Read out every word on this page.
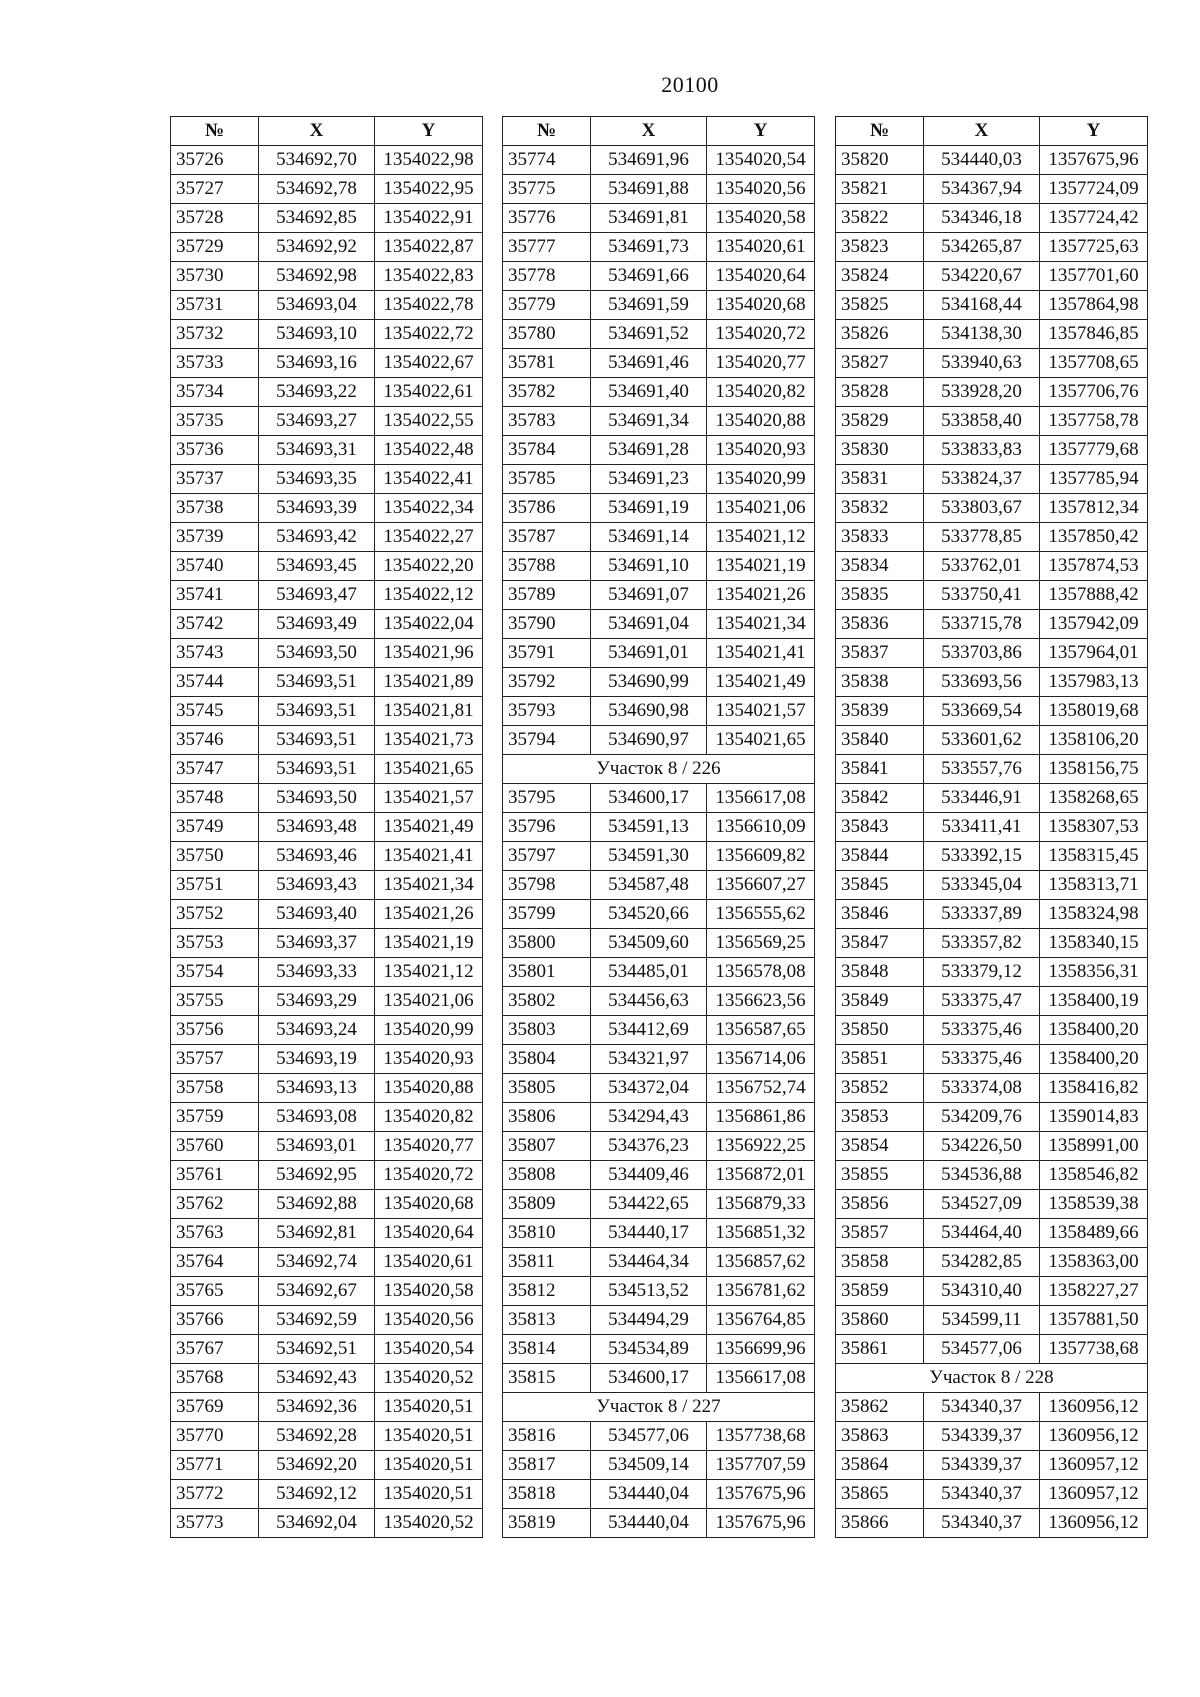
20100
№	X	Y
35726	534692,70	1354022,98
35727	534692,78	1354022,95
35728	534692,85	1354022,91
35729	534692,92	1354022,87
35730	534692,98	1354022,83
35731	534693,04	1354022,78
35732	534693,10	1354022,72
35733	534693,16	1354022,67
35734	534693,22	1354022,61
35735	534693,27	1354022,55
35736	534693,31	1354022,48
35737	534693,35	1354022,41
35738	534693,39	1354022,34
35739	534693,42	1354022,27
35740	534693,45	1354022,20
35741	534693,47	1354022,12
35742	534693,49	1354022,04
35743	534693,50	1354021,96
35744	534693,51	1354021,89
35745	534693,51	1354021,81
35746	534693,51	1354021,73
35747	534693,51	1354021,65
35748	534693,50	1354021,57
35749	534693,48	1354021,49
35750	534693,46	1354021,41
35751	534693,43	1354021,34
35752	534693,40	1354021,26
35753	534693,37	1354021,19
35754	534693,33	1354021,12
35755	534693,29	1354021,06
35756	534693,24	1354020,99
35757	534693,19	1354020,93
35758	534693,13	1354020,88
35759	534693,08	1354020,82
35760	534693,01	1354020,77
35761	534692,95	1354020,72
35762	534692,88	1354020,68
35763	534692,81	1354020,64
35764	534692,74	1354020,61
35765	534692,67	1354020,58
35766	534692,59	1354020,56
35767	534692,51	1354020,54
35768	534692,43	1354020,52
35769	534692,36	1354020,51
35770	534692,28	1354020,51
35771	534692,20	1354020,51
35772	534692,12	1354020,51
35773	534692,04	1354020,52
№	X	Y
35774	534691,96	1354020,54
35775	534691,88	1354020,56
35776	534691,81	1354020,58
35777	534691,73	1354020,61
35778	534691,66	1354020,64
35779	534691,59	1354020,68
35780	534691,52	1354020,72
35781	534691,46	1354020,77
35782	534691,40	1354020,82
35783	534691,34	1354020,88
35784	534691,28	1354020,93
35785	534691,23	1354020,99
35786	534691,19	1354021,06
35787	534691,14	1354021,12
35788	534691,10	1354021,19
35789	534691,07	1354021,26
35790	534691,04	1354021,34
35791	534691,01	1354021,41
35792	534690,99	1354021,49
35793	534690,98	1354021,57
35794	534690,97	1354021,65
Участок 8 / 226		
35795	534600,17	1356617,08
35796	534591,13	1356610,09
35797	534591,30	1356609,82
35798	534587,48	1356607,27
35799	534520,66	1356555,62
35800	534509,60	1356569,25
35801	534485,01	1356578,08
35802	534456,63	1356623,56
35803	534412,69	1356587,65
35804	534321,97	1356714,06
35805	534372,04	1356752,74
35806	534294,43	1356861,86
35807	534376,23	1356922,25
35808	534409,46	1356872,01
35809	534422,65	1356879,33
35810	534440,17	1356851,32
35811	534464,34	1356857,62
35812	534513,52	1356781,62
35813	534494,29	1356764,85
35814	534534,89	1356699,96
35815	534600,17	1356617,08
Участок 8 / 227		
35816	534577,06	1357738,68
35817	534509,14	1357707,59
35818	534440,04	1357675,96
35819	534440,04	1357675,96
№	X	Y
35820	534440,03	1357675,96
35821	534367,94	1357724,09
35822	534346,18	1357724,42
35823	534265,87	1357725,63
35824	534220,67	1357701,60
35825	534168,44	1357864,98
35826	534138,30	1357846,85
35827	533940,63	1357708,65
35828	533928,20	1357706,76
35829	533858,40	1357758,78
35830	533833,83	1357779,68
35831	533824,37	1357785,94
35832	533803,67	1357812,34
35833	533778,85	1357850,42
35834	533762,01	1357874,53
35835	533750,41	1357888,42
35836	533715,78	1357942,09
35837	533703,86	1357964,01
35838	533693,56	1357983,13
35839	533669,54	1358019,68
35840	533601,62	1358106,20
35841	533557,76	1358156,75
35842	533446,91	1358268,65
35843	533411,41	1358307,53
35844	533392,15	1358315,45
35845	533345,04	1358313,71
35846	533337,89	1358324,98
35847	533357,82	1358340,15
35848	533379,12	1358356,31
35849	533375,47	1358400,19
35850	533375,46	1358400,20
35851	533375,46	1358400,20
35852	533374,08	1358416,82
35853	534209,76	1359014,83
35854	534226,50	1358991,00
35855	534536,88	1358546,82
35856	534527,09	1358539,38
35857	534464,40	1358489,66
35858	534282,85	1358363,00
35859	534310,40	1358227,27
35860	534599,11	1357881,50
35861	534577,06	1357738,68
Участок 8 / 228		
35862	534340,37	1360956,12
35863	534339,37	1360956,12
35864	534339,37	1360957,12
35865	534340,37	1360957,12
35866	534340,37	1360956,12
